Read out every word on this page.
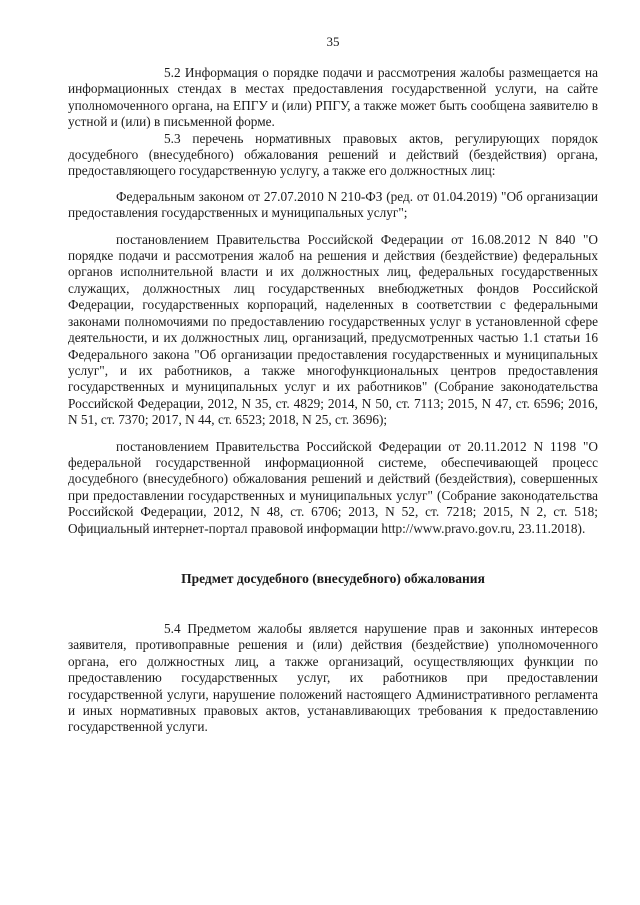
35

5.2 Информация о порядке подачи и рассмотрения жалобы размещается на информационных стендах в местах предоставления государственной услуги, на сайте уполномоченного органа, на ЕПГУ и (или) РПГУ, а также может быть сообщена заявителю в устной и (или) в письменной форме.

5.3 перечень нормативных правовых актов, регулирующих порядок досудебного (внесудебного) обжалования решений и действий (бездействия) органа, предоставляющего государственную услугу, а также его должностных лиц:

Федеральным законом от 27.07.2010 N 210-ФЗ (ред. от 01.04.2019) "Об организации предоставления государственных и муниципальных услуг";

постановлением Правительства Российской Федерации от 16.08.2012 N 840 "О порядке подачи и рассмотрения жалоб на решения и действия (бездействие) федеральных органов исполнительной власти и их должностных лиц, федеральных государственных служащих, должностных лиц государственных внебюджетных фондов Российской Федерации, государственных корпораций, наделенных в соответствии с федеральными законами полномочиями по предоставлению государственных услуг в установленной сфере деятельности, и их должностных лиц, организаций, предусмотренных частью 1.1 статьи 16 Федерального закона "Об организации предоставления государственных и муниципальных услуг", и их работников, а также многофункциональных центров предоставления государственных и муниципальных услуг и их работников" (Собрание законодательства Российской Федерации, 2012, N 35, ст. 4829; 2014, N 50, ст. 7113; 2015, N 47, ст. 6596; 2016, N 51, ст. 7370; 2017, N 44, ст. 6523; 2018, N 25, ст. 3696);

постановлением Правительства Российской Федерации от 20.11.2012 N 1198 "О федеральной государственной информационной системе, обеспечивающей процесс досудебного (внесудебного) обжалования решений и действий (бездействия), совершенных при предоставлении государственных и муниципальных услуг" (Собрание законодательства Российской Федерации, 2012, N 48, ст. 6706; 2013, N 52, ст. 7218; 2015, N 2, ст. 518; Официальный интернет-портал правовой информации http://www.pravo.gov.ru, 23.11.2018).

Предмет досудебного (внесудебного) обжалования

5.4 Предметом жалобы является нарушение прав и законных интересов заявителя, противоправные решения и (или) действия (бездействие) уполномоченного органа, его должностных лиц, а также организаций, осуществляющих функции по предоставлению государственных услуг, их работников при предоставлении государственной услуги, нарушение положений настоящего Административного регламента и иных нормативных правовых актов, устанавливающих требования к предоставлению государственной услуги.
